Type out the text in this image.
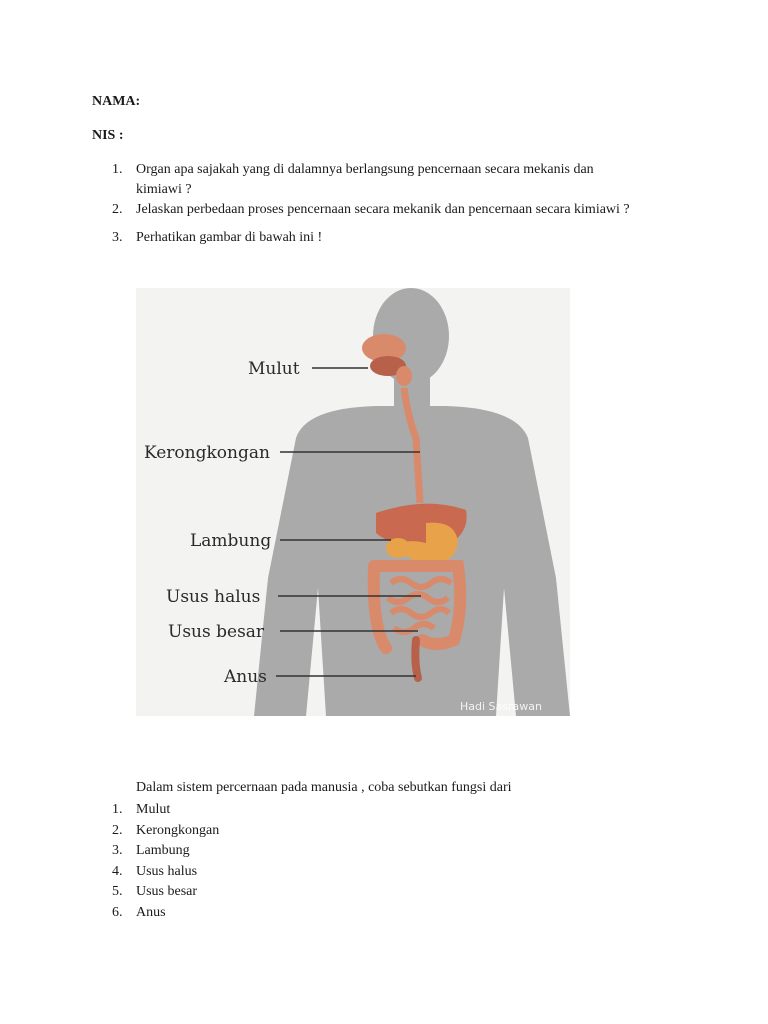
NAMA:
NIS :
1. Organ apa sajakah yang di dalamnya berlangsung pencernaan secara mekanis dan
kimiawi ?
2. Jelaskan perbedaan proses pencernaan secara mekanik dan pencernaan secara kimiawi ?
3. Perhatikan gambar di bawah ini !
Mulut
Kerongkongan
Lambung
Usus halus
Usus besar
Anus
Hadi Sasrawan
Dalam sistem percernaan pada manusia , coba sebutkan fungsi dari
1. Mulut
2. Kerongkongan
3. Lambung
4. Usus halus
5. Usus besar
6. Anus
